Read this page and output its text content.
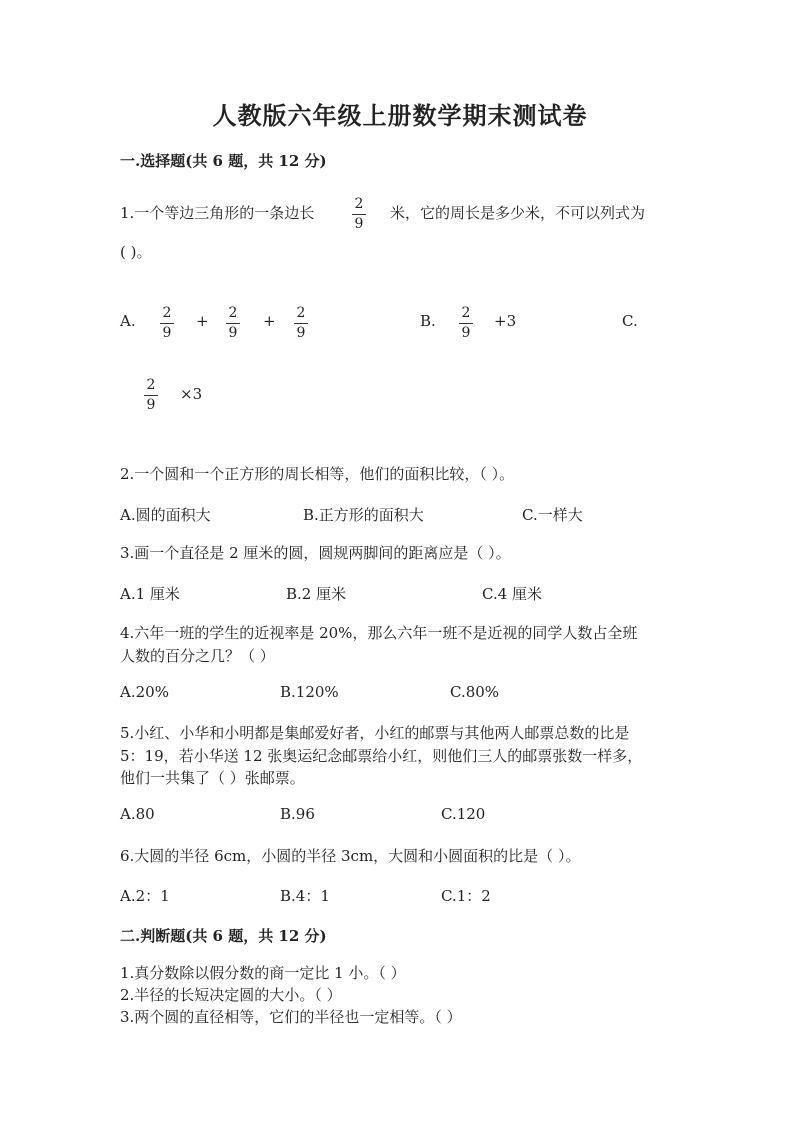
人教版六年级上册数学期末测试卷
一.选择题(共 6 题，共 12 分)
1.一个等边三角形的一条边长	2
9
米，它的周长是多少米，不可以列式为
( )。
A. 2
9
+ 2
9
+ 2
9
B. 2
9
+3	C.
2
9
×3
2.一个圆和一个正方形的周长相等，他们的面积比较，（ ）。
A.圆的面积大	B.正方形的面积大	C.一样大
3.画一个直径是 2 厘米的圆，圆规两脚间的距离应是（ ）。
A.1 厘米	B.2 厘米	C.4 厘米
4.六年一班的学生的近视率是 20%，那么六年一班不是近视的同学人数占全班
人数的百分之几？（ ）
A.20%	B.120%	C.80%
5.小红、小华和小明都是集邮爱好者，小红的邮票与其他两人邮票总数的比是
5：19，若小华送 12 张奥运纪念邮票给小红，则他们三人的邮票张数一样多，
他们一共集了（ ）张邮票。
A.80	B.96	C.120
6.大圆的半径 6cm，小圆的半径 3cm，大圆和小圆面积的比是（ ）。
A.2：1	B.4：1	C.1：2
二.判断题(共 6 题，共 12 分)
1.真分数除以假分数的商一定比 1 小。（ ）
2.半径的长短决定圆的大小。（ ）
3.两个圆的直径相等，它们的半径也一定相等。（ ）
